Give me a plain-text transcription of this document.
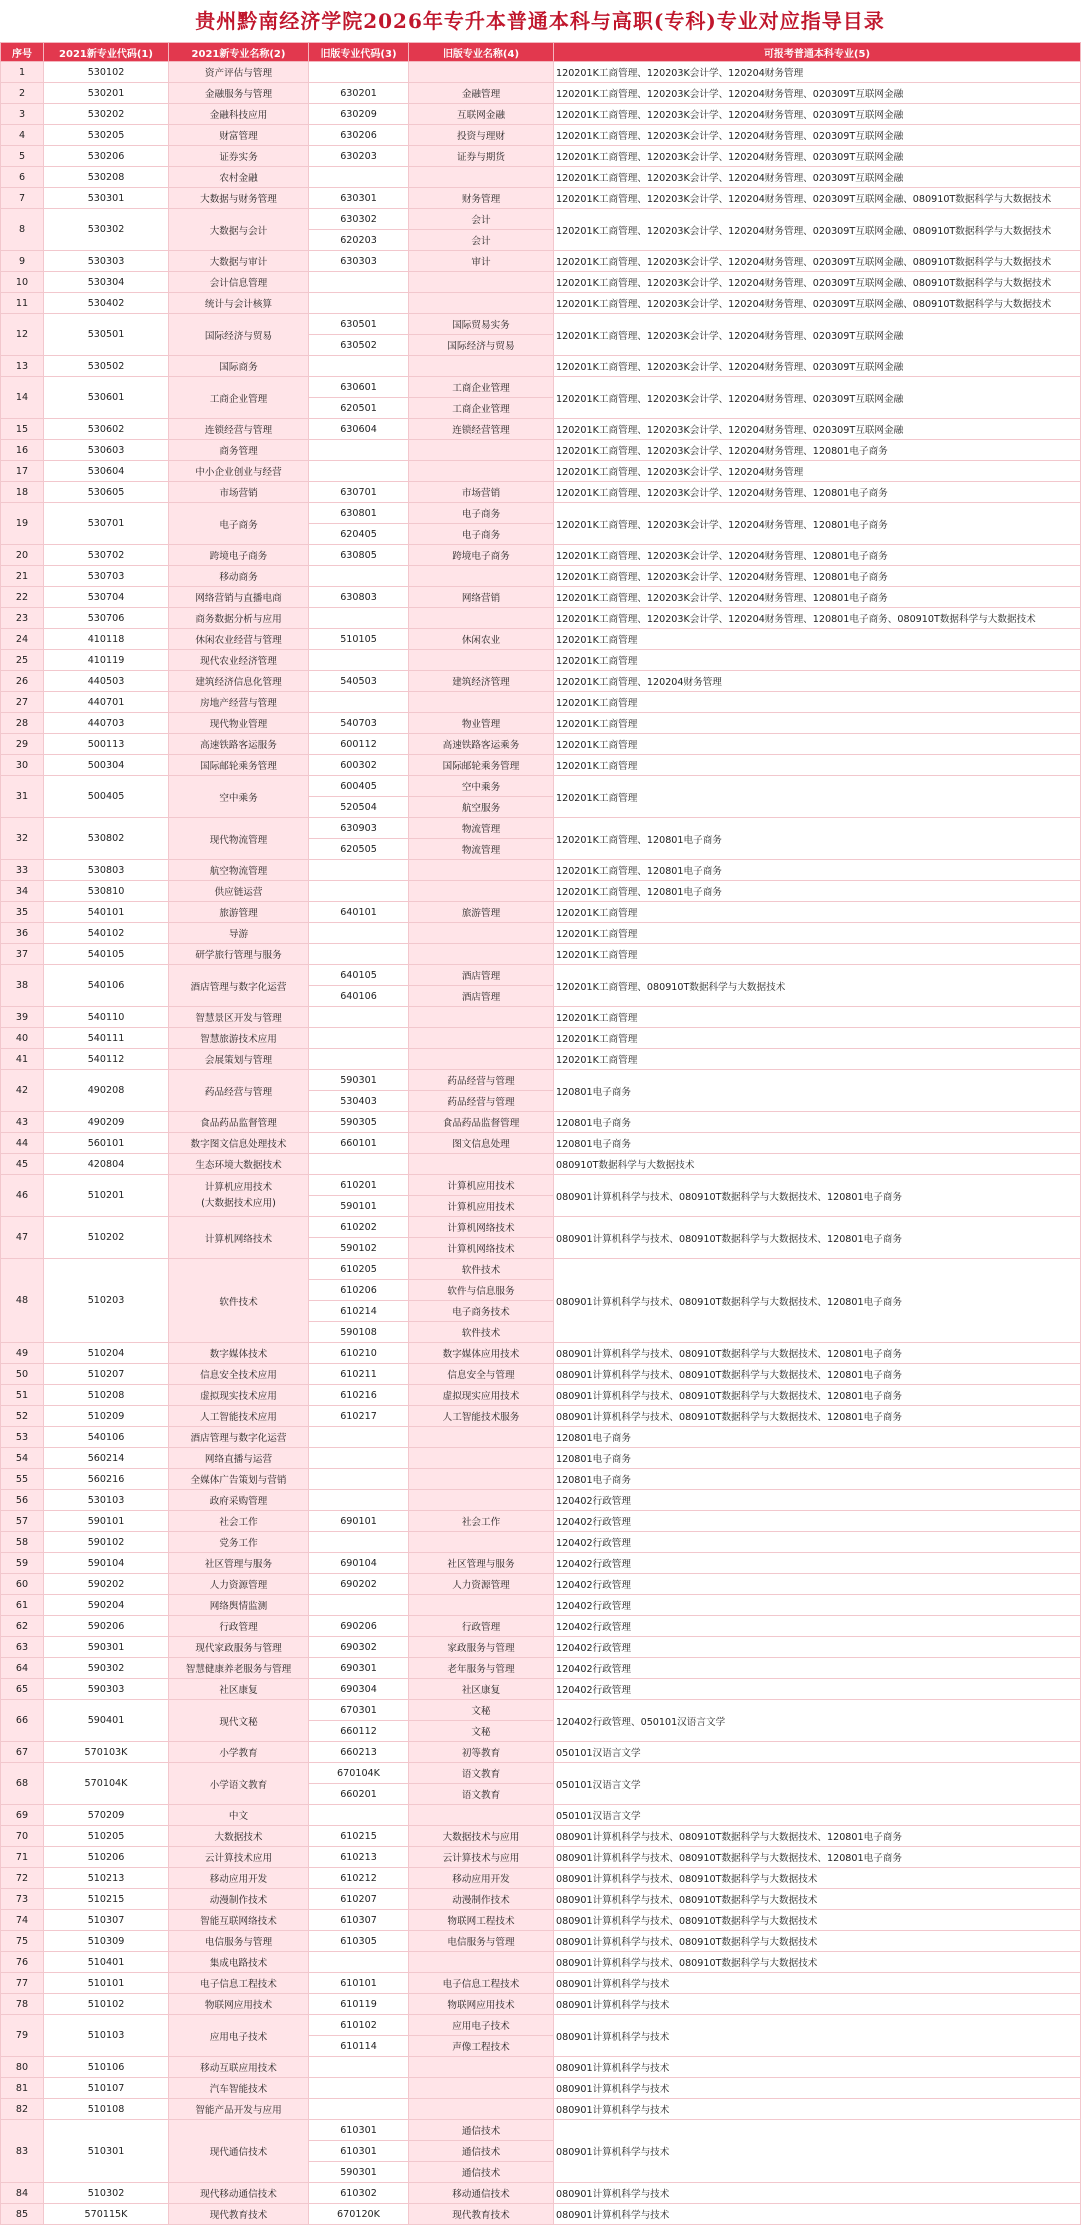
贵州黔南经济学院2026年专升本普通本科与高职(专科)专业对应指导目录
序号	2021新专业代码(1)	2021新专业名称(2)	旧版专业代码(3)	旧版专业名称(4)	可报考普通本科专业(5)
1	530102	资产评估与管理			120201K工商管理、120203K会计学、120204财务管理
2	530201	金融服务与管理	630201	金融管理	120201K工商管理、120203K会计学、120204财务管理、020309T互联网金融
3	530202	金融科技应用	630209	互联网金融	120201K工商管理、120203K会计学、120204财务管理、020309T互联网金融
4	530205	财富管理	630206	投资与理财	120201K工商管理、120203K会计学、120204财务管理、020309T互联网金融
5	530206	证券实务	630203	证券与期货	120201K工商管理、120203K会计学、120204财务管理、020309T互联网金融
6	530208	农村金融			120201K工商管理、120203K会计学、120204财务管理、020309T互联网金融
7	530301	大数据与财务管理	630301	财务管理	120201K工商管理、120203K会计学、120204财务管理、020309T互联网金融、080910T数据科学与大数据技术
8	530302	大数据与会计	630302	会计	120201K工商管理、120203K会计学、120204财务管理、020309T互联网金融、080910T数据科学与大数据技术
			620203	会计	
9	530303	大数据与审计	630303	审计	120201K工商管理、120203K会计学、120204财务管理、020309T互联网金融、080910T数据科学与大数据技术
10	530304	会计信息管理			120201K工商管理、120203K会计学、120204财务管理、020309T互联网金融、080910T数据科学与大数据技术
11	530402	统计与会计核算			120201K工商管理、120203K会计学、120204财务管理、020309T互联网金融、080910T数据科学与大数据技术
12	530501	国际经济与贸易	630501	国际贸易实务	120201K工商管理、120203K会计学、120204财务管理、020309T互联网金融
			630502	国际经济与贸易	
13	530502	国际商务			120201K工商管理、120203K会计学、120204财务管理、020309T互联网金融
14	530601	工商企业管理	630601	工商企业管理	120201K工商管理、120203K会计学、120204财务管理、020309T互联网金融
			620501	工商企业管理	
15	530602	连锁经营与管理	630604	连锁经营管理	120201K工商管理、120203K会计学、120204财务管理、020309T互联网金融
16	530603	商务管理			120201K工商管理、120203K会计学、120204财务管理、120801电子商务
17	530604	中小企业创业与经营			120201K工商管理、120203K会计学、120204财务管理
18	530605	市场营销	630701	市场营销	120201K工商管理、120203K会计学、120204财务管理、120801电子商务
19	530701	电子商务	630801	电子商务	120201K工商管理、120203K会计学、120204财务管理、120801电子商务
			620405	电子商务	
20	530702	跨境电子商务	630805	跨境电子商务	120201K工商管理、120203K会计学、120204财务管理、120801电子商务
21	530703	移动商务			120201K工商管理、120203K会计学、120204财务管理、120801电子商务
22	530704	网络营销与直播电商	630803	网络营销	120201K工商管理、120203K会计学、120204财务管理、120801电子商务
23	530706	商务数据分析与应用			120201K工商管理、120203K会计学、120204财务管理、120801电子商务、080910T数据科学与大数据技术
24	410118	休闲农业经营与管理	510105	休闲农业	120201K工商管理
25	410119	现代农业经济管理			120201K工商管理
26	440503	建筑经济信息化管理	540503	建筑经济管理	120201K工商管理、120204财务管理
27	440701	房地产经营与管理			120201K工商管理
28	440703	现代物业管理	540703	物业管理	120201K工商管理
29	500113	高速铁路客运服务	600112	高速铁路客运乘务	120201K工商管理
30	500304	国际邮轮乘务管理	600302	国际邮轮乘务管理	120201K工商管理
31	500405	空中乘务	600405	空中乘务	120201K工商管理
			520504	航空服务	
32	530802	现代物流管理	630903	物流管理	120201K工商管理、120801电子商务
			620505	物流管理	
33	530803	航空物流管理			120201K工商管理、120801电子商务
34	530810	供应链运营			120201K工商管理、120801电子商务
35	540101	旅游管理	640101	旅游管理	120201K工商管理
36	540102	导游			120201K工商管理
37	540105	研学旅行管理与服务			120201K工商管理
38	540106	酒店管理与数字化运营	640105	酒店管理	120201K工商管理、080910T数据科学与大数据技术
			640106	酒店管理	
39	540110	智慧景区开发与管理			120201K工商管理
40	540111	智慧旅游技术应用			120201K工商管理
41	540112	会展策划与管理			120201K工商管理
42	490208	药品经营与管理	590301	药品经营与管理	120801电子商务
			530403	药品经营与管理	
43	490209	食品药品监督管理	590305	食品药品监督管理	120801电子商务
44	560101	数字图文信息处理技术	660101	图文信息处理	120801电子商务
45	420804	生态环境大数据技术			080910T数据科学与大数据技术
46	510201	计算机应用技术
(大数据技术应用)	610201	计算机应用技术	080901计算机科学与技术、080910T数据科学与大数据技术、120801电子商务
			590101	计算机应用技术	
47	510202	计算机网络技术	610202	计算机网络技术	080901计算机科学与技术、080910T数据科学与大数据技术、120801电子商务
			590102	计算机网络技术	
48	510203	软件技术	610205	软件技术	080901计算机科学与技术、080910T数据科学与大数据技术、120801电子商务
			610206	软件与信息服务	
			610214	电子商务技术	
			590108	软件技术	
49	510204	数字媒体技术	610210	数字媒体应用技术	080901计算机科学与技术、080910T数据科学与大数据技术、120801电子商务
50	510207	信息安全技术应用	610211	信息安全与管理	080901计算机科学与技术、080910T数据科学与大数据技术、120801电子商务
51	510208	虚拟现实技术应用	610216	虚拟现实应用技术	080901计算机科学与技术、080910T数据科学与大数据技术、120801电子商务
52	510209	人工智能技术应用	610217	人工智能技术服务	080901计算机科学与技术、080910T数据科学与大数据技术、120801电子商务
53	540106	酒店管理与数字化运营			120801电子商务
54	560214	网络直播与运营			120801电子商务
55	560216	全媒体广告策划与营销			120801电子商务
56	530103	政府采购管理			120402行政管理
57	590101	社会工作	690101	社会工作	120402行政管理
58	590102	党务工作			120402行政管理
59	590104	社区管理与服务	690104	社区管理与服务	120402行政管理
60	590202	人力资源管理	690202	人力资源管理	120402行政管理
61	590204	网络舆情监测			120402行政管理
62	590206	行政管理	690206	行政管理	120402行政管理
63	590301	现代家政服务与管理	690302	家政服务与管理	120402行政管理
64	590302	智慧健康养老服务与管理	690301	老年服务与管理	120402行政管理
65	590303	社区康复	690304	社区康复	120402行政管理
66	590401	现代文秘	670301	文秘	120402行政管理、050101汉语言文学
			660112	文秘	
67	570103K	小学教育	660213	初等教育	050101汉语言文学
68	570104K	小学语文教育	670104K	语文教育	050101汉语言文学
			660201	语文教育	
69	570209	中文			050101汉语言文学
70	510205	大数据技术	610215	大数据技术与应用	080901计算机科学与技术、080910T数据科学与大数据技术、120801电子商务
71	510206	云计算技术应用	610213	云计算技术与应用	080901计算机科学与技术、080910T数据科学与大数据技术、120801电子商务
72	510213	移动应用开发	610212	移动应用开发	080901计算机科学与技术、080910T数据科学与大数据技术
73	510215	动漫制作技术	610207	动漫制作技术	080901计算机科学与技术、080910T数据科学与大数据技术
74	510307	智能互联网络技术	610307	物联网工程技术	080901计算机科学与技术、080910T数据科学与大数据技术
75	510309	电信服务与管理	610305	电信服务与管理	080901计算机科学与技术、080910T数据科学与大数据技术
76	510401	集成电路技术			080901计算机科学与技术、080910T数据科学与大数据技术
77	510101	电子信息工程技术	610101	电子信息工程技术	080901计算机科学与技术
78	510102	物联网应用技术	610119	物联网应用技术	080901计算机科学与技术
79	510103	应用电子技术	610102	应用电子技术	080901计算机科学与技术
			610114	声像工程技术	
80	510106	移动互联应用技术			080901计算机科学与技术
81	510107	汽车智能技术			080901计算机科学与技术
82	510108	智能产品开发与应用			080901计算机科学与技术
83	510301	现代通信技术	610301	通信技术	080901计算机科学与技术
			610301	通信技术	
			590301	通信技术	
84	510302	现代移动通信技术	610302	移动通信技术	080901计算机科学与技术
85	570115K	现代教育技术	670120K	现代教育技术	080901计算机科学与技术
